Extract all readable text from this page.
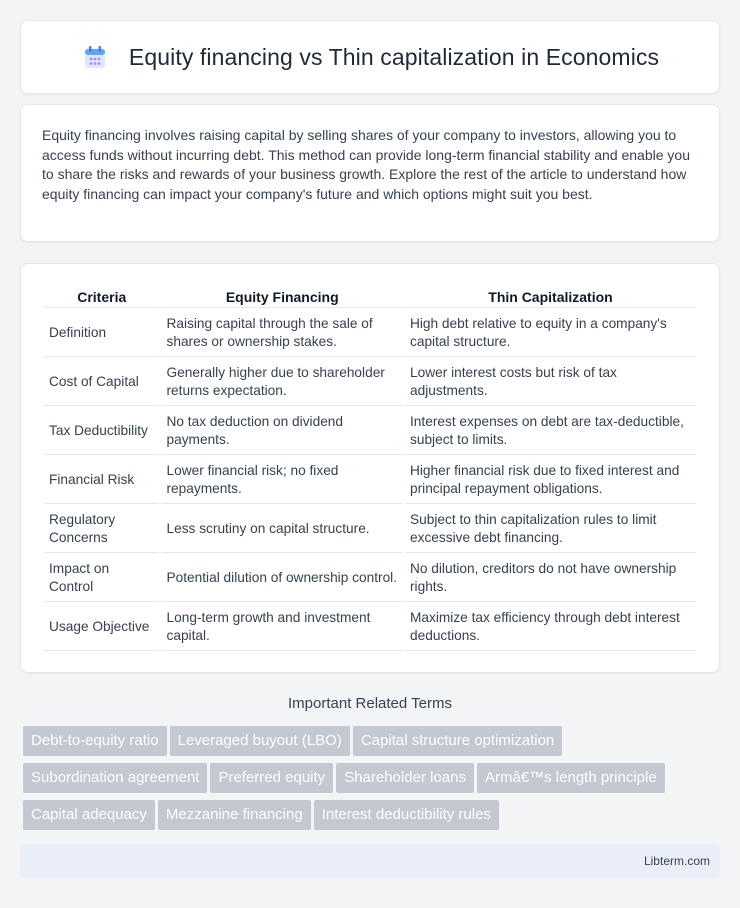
Equity financing vs Thin capitalization in Economics

Equity financing involves raising capital by selling shares of your company to investors, allowing you to access funds without incurring debt. This method can provide long-term financial stability and enable you to share the risks and rewards of your business growth. Explore the rest of the article to understand how equity financing can impact your company's future and which options might suit you best.

Criteria	Equity Financing	Thin Capitalization
Definition	Raising capital through the sale of shares or ownership stakes.	High debt relative to equity in a company's capital structure.
Cost of Capital	Generally higher due to shareholder returns expectation.	Lower interest costs but risk of tax adjustments.
Tax Deductibility	No tax deduction on dividend payments.	Interest expenses on debt are tax-deductible, subject to limits.
Financial Risk	Lower financial risk; no fixed repayments.	Higher financial risk due to fixed interest and principal repayment obligations.
Regulatory Concerns	Less scrutiny on capital structure.	Subject to thin capitalization rules to limit excessive debt financing.
Impact on Control	Potential dilution of ownership control.	No dilution, creditors do not have ownership rights.
Usage Objective	Long-term growth and investment capital.	Maximize tax efficiency through debt interest deductions.
Important Related Terms
Debt-to-equity ratio Leveraged buyout (LBO) Capital structure optimization
Subordination agreement Preferred equity Shareholder loans Armâ€™s length principle
Capital adequacy Mezzanine financing Interest deductibility rules
Libterm.com
